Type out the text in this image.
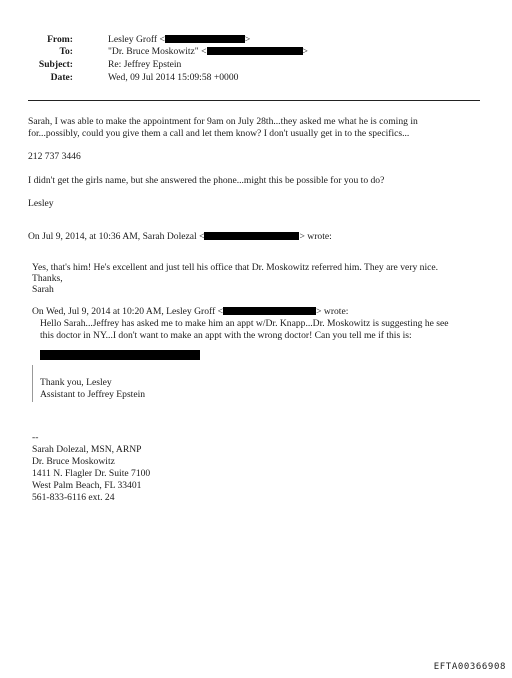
From:	Lesley Groff <	>
To:	"Dr. Bruce Moskowitz" <	>
Subject:	Re: Jeffrey Epstein
Date:	Wed, 09 Jul 2014 15:09:58 +0000
Sarah, I was able to make the appointment for 9am on July 28th...they asked me what he is coming in
for...possibly, could you give them a call and let them know? I don't usually get in to the specifics...
212 737 3446
I didn't get the girls name, but she answered the phone...might this be possible for you to do?
Lesley
On Jul 9, 2014, at 10:36 AM, Sarah Dolezal <	> wrote:
Yes, that's him! He's excellent and just tell his office that Dr. Moskowitz referred him. They are very nice.
Thanks,
Sarah
On Wed, Jul 9, 2014 at 10:20 AM, Lesley Groff <	> wrote:
Hello Sarah...Jeffrey has asked me to make him an appt w/Dr. Knapp...Dr. Moskowitz is suggesting he see
this doctor in NY...I don't want to make an appt with the wrong doctor! Can you tell me if this is:
Thank you, Lesley
Assistant to Jeffrey Epstein
--
Sarah Dolezal, MSN, ARNP
Dr. Bruce Moskowitz
1411 N. Flagler Dr. Suite 7100
West Palm Beach, FL 33401
561-833-6116 ext. 24
EFTA00366908
